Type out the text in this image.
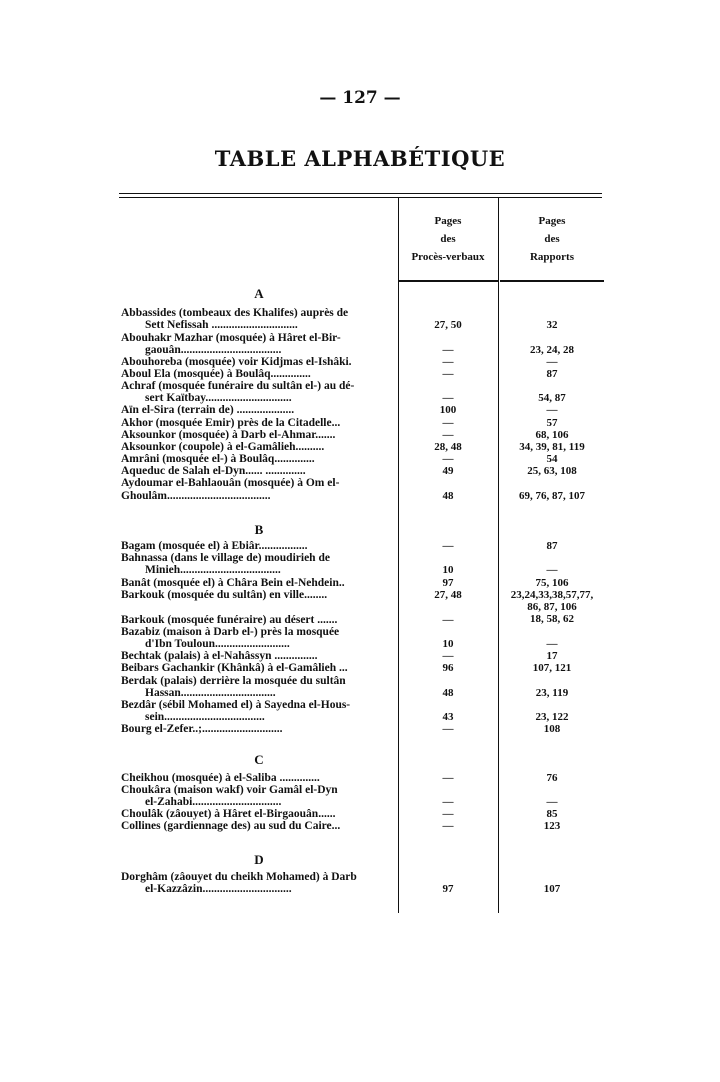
— 127 —
TABLE ALPHABÉTIQUE
Pages
des
Procès-verbaux
Pages
des
Rapports
A
B
C
D
Abbassides (tombeaux des Khalifes) auprès de
Sett Nefissah ..............................
Abouhakr Mazhar (mosquée) à Hâret el-Bir-
gaouân...................................
Abouhoreba (mosquée) voir Kidjmas el-Ishâki.
Aboul Ela (mosquée) à Boulâq..............
Achraf (mosquée funéraire du sultân el-) au dé-
sert Kaïtbay..............................
Aïn el-Sira (terrain de) ....................
Akhor (mosquée Emir) près de la Citadelle...
Aksounkor (mosquée) à Darb el-Ahmar.......
Aksounkor (coupole) à el-Gamâlieh..........
Amrâni (mosquée el-) à Boulâq..............
Aqueduc de Salah el-Dyn...... ..............
Aydoumar el-Bahlaouân (mosquée) à Om el-
Ghoulâm....................................
Bagam (mosquée el) à Ebiâr.................
Bahnassa (dans le village de) moudirieh de
Minieh...................................
Banât (mosquée el) à Châra Bein el-Nehdein..
Barkouk (mosquée du sultân) en ville........
Barkouk (mosquée funéraire) au désert .......
Bazabiz (maison à Darb el-) près la mosquée
d'Ibn Touloun..........................
Bechtak (palais) à el-Nahâssyn ...............
Beibars Gachankir (Khânkâ) à el-Gamâlieh ...
Berdak (palais) derrière la mosquée du sultân
Hassan.................................
Bezdâr (sébil Mohamed el) à Sayedna el-Hous-
sein...................................
Bourg el-Zefer..;............................
Cheikhou (mosquée) à el-Saliba ..............
Choukâra (maison wakf) voir Gamâl el-Dyn
el-Zahabi...............................
Choulâk (zâouyet) à Hâret el-Birgaouân......
Collines (gardiennage des) au sud du Caire...
Dorghâm (zâouyet du cheikh Mohamed) à Darb
el-Kazzâzin...............................
27, 50
—
—
—
—
100
—
—
28, 48
—
49
48
—
10
97
27, 48
—
10
—
96
48
43
—
—
—
—
—
97
32
23, 24, 28
—
87
54, 87
—
57
68, 106
34, 39, 81, 119
54
25, 63, 108
69, 76, 87, 107
87
—
75, 106
23,24,33,38,57,77,
86, 87, 106
18, 58, 62
—
17
107, 121
23, 119
23, 122
108
76
—
85
123
107
